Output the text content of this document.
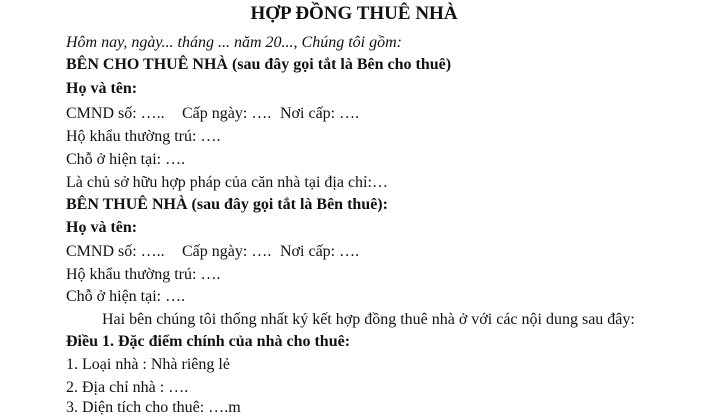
HỢP ĐỒNG THUÊ NHÀ
Hôm nay, ngày... tháng ... năm 20..., Chúng tôi gồm:
BÊN CHO THUÊ NHÀ (sau đây gọi tắt là Bên cho thuê)
Họ và tên:
CMND số: ….. Cấp ngày: …. Nơi cấp: ….
Hộ khẩu thường trú: ….
Chỗ ở hiện tại: ….
Là chủ sở hữu hợp pháp của căn nhà tại địa chỉ:…
BÊN THUÊ NHÀ (sau đây gọi tắt là Bên thuê):
Họ và tên:
CMND số: ….. Cấp ngày: …. Nơi cấp: ….
Hộ khẩu thường trú: ….
Chỗ ở hiện tại: ….
Hai bên chúng tôi thống nhất ký kết hợp đồng thuê nhà ở với các nội dung sau đây:
Điều 1. Đặc điểm chính của nhà cho thuê:
1. Loại nhà : Nhà riêng lẻ
2. Địa chỉ nhà : ….
3. Diện tích cho thuê: ….m
